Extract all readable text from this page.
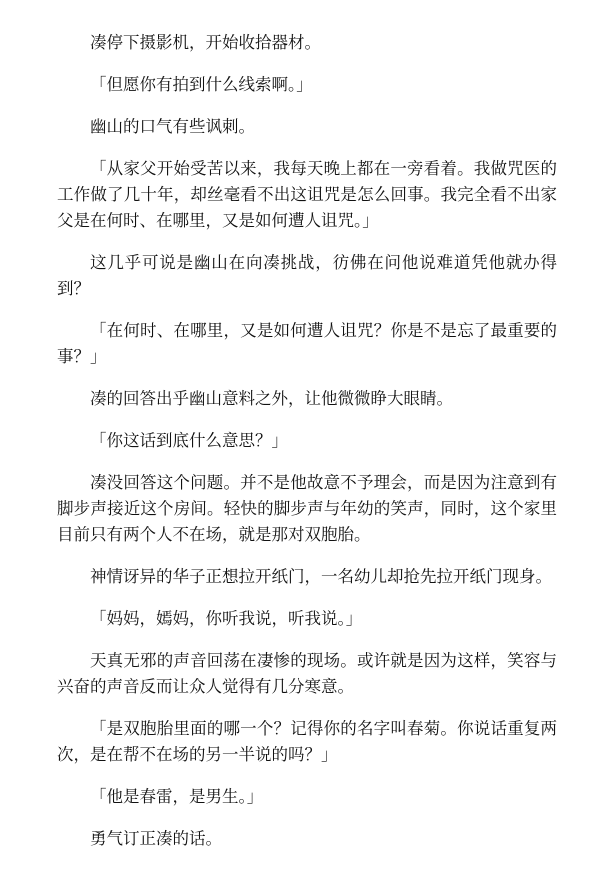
凑停下摄影机，开始收拾器材。

「但愿你有拍到什么线索啊。」

幽山的口气有些讽刺。

「从家父开始受苦以来，我每天晚上都在一旁看着。我做咒医的工作做了几十年，却丝毫看不出这诅咒是怎么回事。我完全看不出家父是在何时、在哪里，又是如何遭人诅咒。」

这几乎可说是幽山在向凑挑战，彷佛在问他说难道凭他就办得到？

「在何时、在哪里，又是如何遭人诅咒？你是不是忘了最重要的事？」

凑的回答出乎幽山意料之外，让他微微睁大眼睛。

「你这话到底什么意思？」

凑没回答这个问题。并不是他故意不予理会，而是因为注意到有脚步声接近这个房间。轻快的脚步声与年幼的笑声，同时，这个家里目前只有两个人不在场，就是那对双胞胎。

神情讶异的华子正想拉开纸门，一名幼儿却抢先拉开纸门现身。

「妈妈，嫣妈，你听我说，听我说。」

天真无邪的声音回荡在凄惨的现场。或许就是因为这样，笑容与兴奋的声音反而让众人觉得有几分寒意。

「是双胞胎里面的哪一个？记得你的名字叫春菊。你说话重复两次，是在帮不在场的另一半说的吗？」

「他是春雷，是男生。」

勇气订正凑的话。
